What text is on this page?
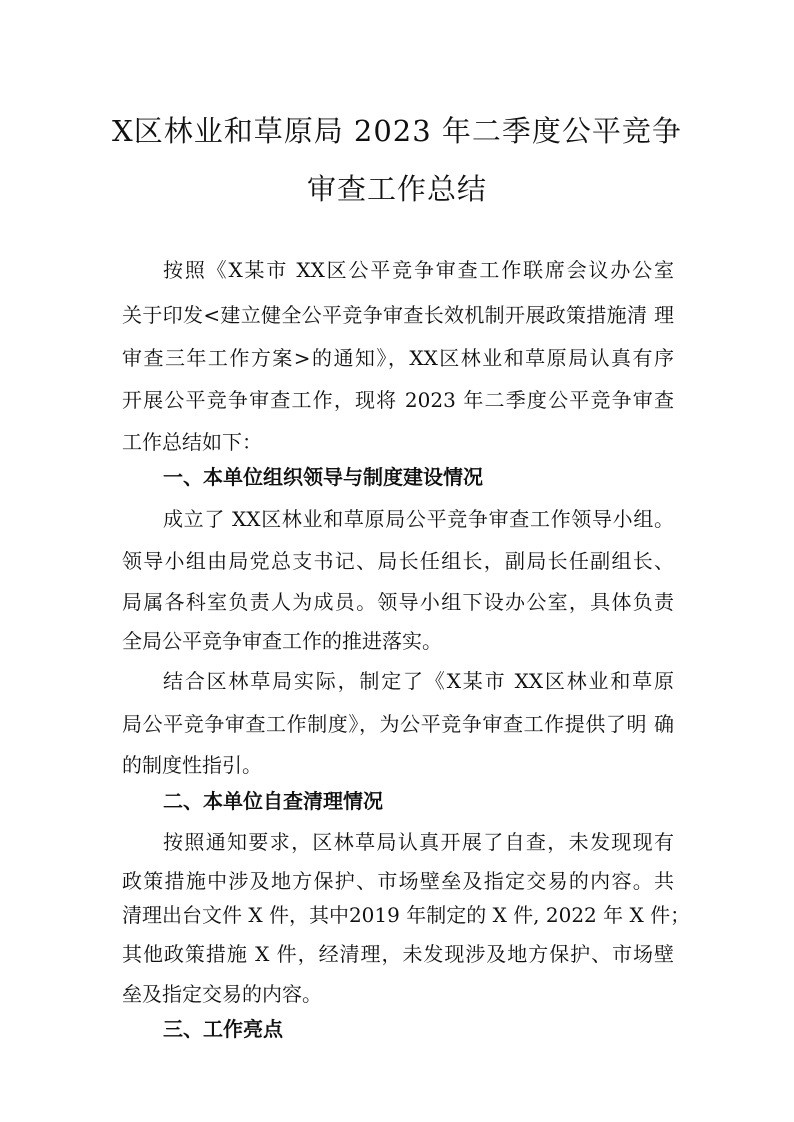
X区林业和草原局 2023 年二季度公平竞争
审查工作总结
按照《X某市 XX区公平竞争审查工作联席会议办公室
关于印发<建立健全公平竞争审查长效机制开展政策措施清 理
审查三年工作方案>的通知》，XX区林业和草原局认真有序
开展公平竞争审查工作，现将 2023 年二季度公平竞争审查
工作总结如下：
一、本单位组织领导与制度建设情况
成立了 XX区林业和草原局公平竞争审查工作领导小组。
领导小组由局党总支书记、局长任组长，副局长任副组长、
局属各科室负责人为成员。领导小组下设办公室，具体负责
全局公平竞争审查工作的推进落实。
结合区林草局实际，制定了《X某市 XX区林业和草原
局公平竞争审查工作制度》，为公平竞争审查工作提供了明 确
的制度性指引。
二、本单位自查清理情况
按照通知要求，区林草局认真开展了自查，未发现现有
政策措施中涉及地方保护、市场壁垒及指定交易的内容。共
清理出台文件 X 件，其中2019 年制定的 X 件, 2022 年 X 件；
其他政策措施 X 件，经清理，未发现涉及地方保护、市场壁
垒及指定交易的内容。
三、工作亮点
